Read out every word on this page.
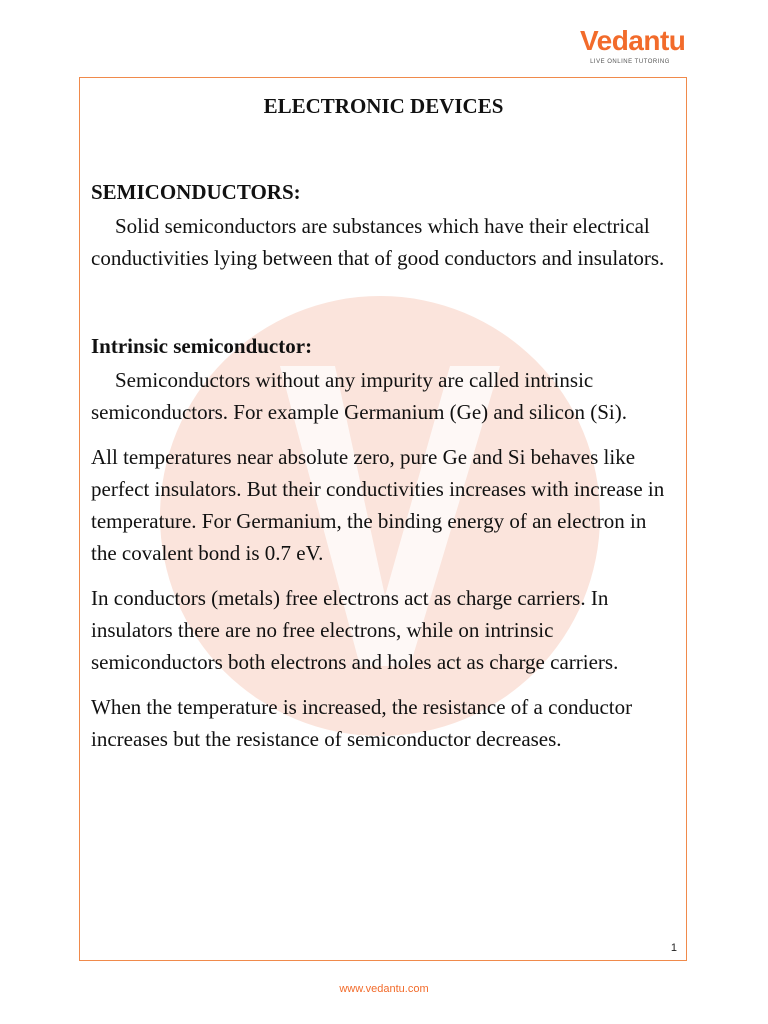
Vedantu
LIVE ONLINE TUTORING
ELECTRONIC DEVICES
SEMICONDUCTORS:

Solid semiconductors are substances which have their electrical conductivities lying between that of good conductors and insulators.

Intrinsic semiconductor:

Semiconductors without any impurity are called intrinsic semiconductors. For example Germanium (Ge) and silicon (Si).

All temperatures near absolute zero, pure Ge and Si behaves like perfect insulators. But their conductivities increases with increase in temperature. For Germanium, the binding energy of an electron in the covalent bond is 0.7 eV.

In conductors (metals) free electrons act as charge carriers. In insulators there are no free electrons, while on intrinsic semiconductors both electrons and holes act as charge carriers.

When the temperature is increased, the resistance of a conductor increases but the resistance of semiconductor decreases.

1
www.vedantu.com
